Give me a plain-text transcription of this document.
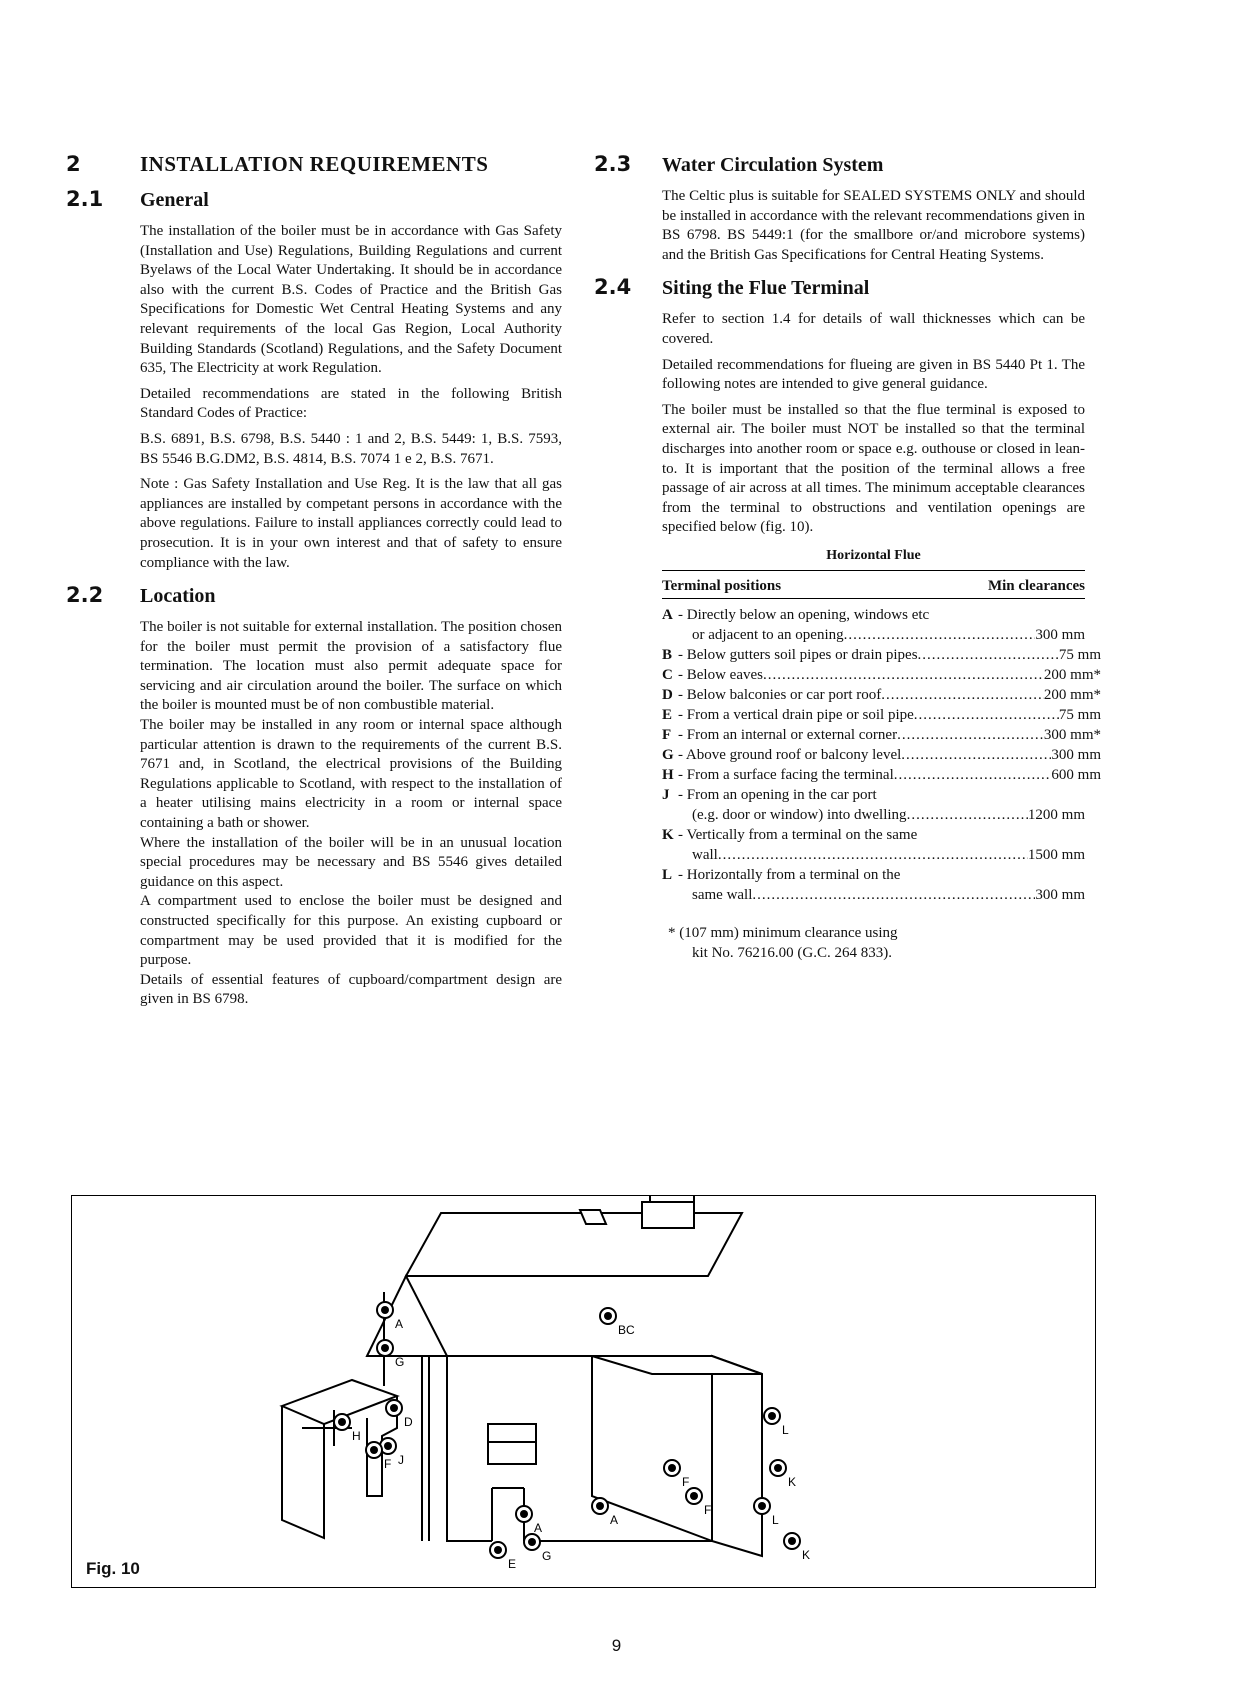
2	INSTALLATION REQUIREMENTS
2.1	General

The installation of the boiler must be in accordance with Gas Safety (Installation and Use) Regulations, Building Regulations and current Byelaws of the Local Water Undertaking. It should be in accordance also with the current B.S. Codes of Practice and the British Gas Specifications for Domestic Wet Central Heating Systems and any relevant requirements of the local Gas Region, Local Authority Building Standards (Scotland) Regulations, and the Safety Document 635, The Electricity at work Regulation.

Detailed recommendations are stated in the following British Standard Codes of Practice:

B.S. 6891, B.S. 6798, B.S. 5440 : 1 and 2, B.S. 5449: 1, B.S. 7593, BS 5546 B.G.DM2, B.S. 4814, B.S. 7074 1 e 2, B.S. 7671.

Note : Gas Safety Installation and Use Reg. It is the law that all gas appliances are installed by competant persons in accordance with the above regulations. Failure to install appliances correctly could lead to prosecution. It is in your own interest and that of safety to ensure compliance with the law.

2.2	Location

The boiler is not suitable for external installation. The position chosen for the boiler must permit the provision of a satisfactory flue termination. The location must also permit adequate space for servicing and air circulation around the boiler. The surface on which the boiler is mounted must be of non combustible material.

The boiler may be installed in any room or internal space although particular attention is drawn to the requirements of the current B.S. 7671 and, in Scotland, the electrical provisions of the Building Regulations applicable to Scotland, with respect to the installation of a heater utilising mains electricity in a room or internal space containing a bath or shower.

Where the installation of the boiler will be in an unusual location special procedures may be necessary and BS 5546 gives detailed guidance on this aspect.

A compartment used to enclose the boiler must be designed and constructed specifically for this purpose. An existing cupboard or compartment may be used provided that it is modified for the purpose.

Details of essential features of cupboard/compartment design are given in BS 6798.

2.3	Water Circulation System

The Celtic plus is suitable for SEALED SYSTEMS ONLY and should be installed in accordance with the relevant recommendations given in BS 6798. BS 5449:1 (for the smallbore or/and microbore systems) and the British Gas Specifications for Central Heating Systems.

2.4	Siting the Flue Terminal

Refer to section 1.4 for details of wall thicknesses which can be covered.

Detailed recommendations for flueing are given in BS 5440 Pt 1. The following notes are intended to give general guidance.

The boiler must be installed so that the flue terminal is exposed to external air. The boiler must NOT be installed so that the terminal discharges into another room or space e.g. outhouse or closed in lean-to. It is important that the position of the terminal allows a free passage of air across at all times. The minimum acceptable clearances from the terminal to obstructions and ventilation openings are specified below (fig. 10).

Horizontal Flue
Terminal positions	Min clearances
A - Directly below an opening, windows etc
or adjacent to an opening .....	300 mm
B - Below gutters soil pipes or drain pipes .....	75 mm
C - Below eaves .....	200 mm*
D - Below balconies or car port roof .....	200 mm*
E - From a vertical drain pipe or soil pipe .....	75 mm
F - From an internal or external corner .....	300 mm*
G - Above ground roof or balcony level .....	300 mm
H - From a surface facing the terminal .....	600 mm
J - From an opening in the car port
(e.g. door or window) into dwelling .....	1200 mm
K - Vertically from a terminal on the same
wall .....	1500 mm
L - Horizontally from a terminal on the
same wall .....	300 mm
* (107 mm) minimum clearance using
kit No. 76216.00 (G.C. 264 833).
A
G
D
H
J
F
BC
A
E
A
G
F
F
L
K
L
K
Fig. 10
9
